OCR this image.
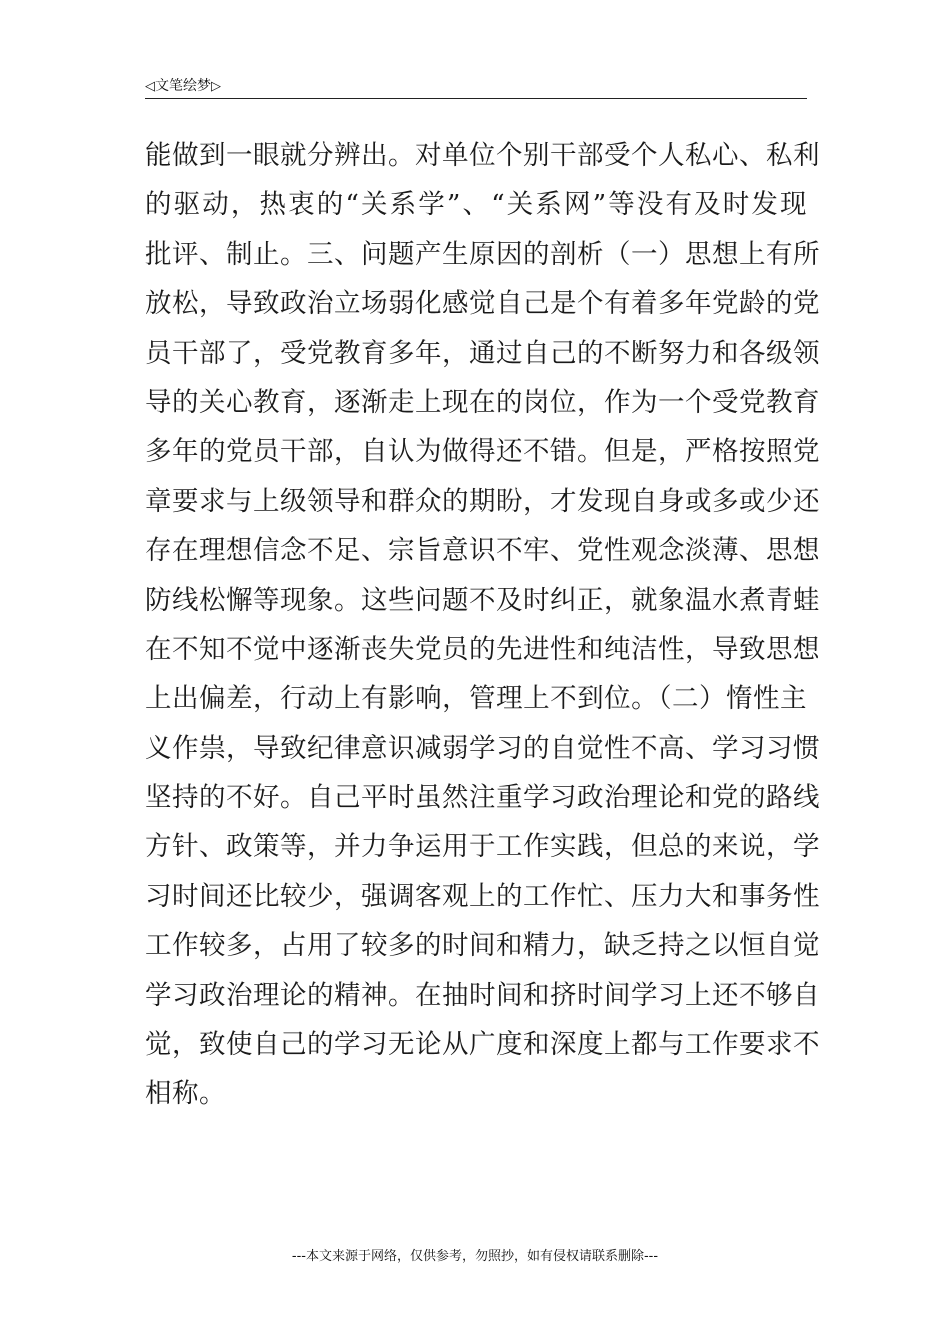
◁文笔绘梦▷
能做到一眼就分辨出。对单位个别干部受个人私心、私利
的驱动，热衷的“关系学”、“关系网”等没有及时发现
批评、制止。三、问题产生原因的剖析（一）思想上有所
放松，导致政治立场弱化感觉自己是个有着多年党龄的党
员干部了，受党教育多年，通过自己的不断努力和各级领
导的关心教育，逐渐走上现在的岗位，作为一个受党教育
多年的党员干部，自认为做得还不错。但是，严格按照党
章要求与上级领导和群众的期盼，才发现自身或多或少还
存在理想信念不足、宗旨意识不牢、党性观念淡薄、思想
防线松懈等现象。这些问题不及时纠正，就象温水煮青蛙
在不知不觉中逐渐丧失党员的先进性和纯洁性，导致思想
上出偏差，行动上有影响，管理上不到位。（二）惰性主
义作祟，导致纪律意识减弱学习的自觉性不高、学习习惯
坚持的不好。自己平时虽然注重学习政治理论和党的路线
方针、政策等，并力争运用于工作实践，但总的来说，学
习时间还比较少，强调客观上的工作忙、压力大和事务性
工作较多，占用了较多的时间和精力，缺乏持之以恒自觉
学习政治理论的精神。在抽时间和挤时间学习上还不够自
觉，致使自己的学习无论从广度和深度上都与工作要求不
相称。
---本文来源于网络，仅供参考，勿照抄，如有侵权请联系删除---
